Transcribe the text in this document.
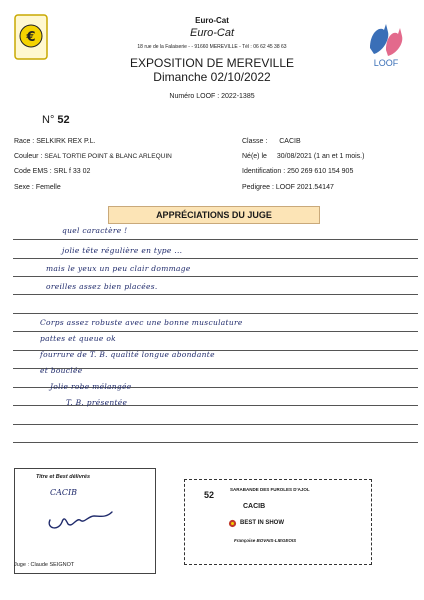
€
LOOF
Euro-Cat
Euro-Cat
18 rue de la Falaiserie - - 91660 MEREVILLE - Tél : 06 62 45 38 63
EXPOSITION DE MEREVILLE
Dimanche 02/10/2022
Numéro LOOF : 2022-1385
N° 52
Race : SELKIRK REX P.L.
Couleur : SEAL TORTIE POINT & BLANC ARLEQUIN
Code EMS : SRL f 33 02
Sexe : Femelle
Classe : CACIB
Né(e) le 30/08/2021 (1 an et 1 mois.)
Identification : 250 269 610 154 905
Pedigree : LOOF 2021.54147
APPRÉCIATIONS DU JUGE
quel caractère !
jolie tête régulière en type ...
mais le yeux un peu clair dommage
oreilles assez bien placées.
Corps assez robuste avec une bonne musculature
pattes et queue ok
fourrure de T. B. qualité longue abondante
et bouclée
Jolie robe mélangée
T. B. présentée
Titre et Best délivrés
CACIB
Juge : Claude SEIGNOT
52
SARABANDE DES FUROLES D'AJOL
CACIB
BEST IN SHOW
Françoise BOVAIS-LIEGEOIS
